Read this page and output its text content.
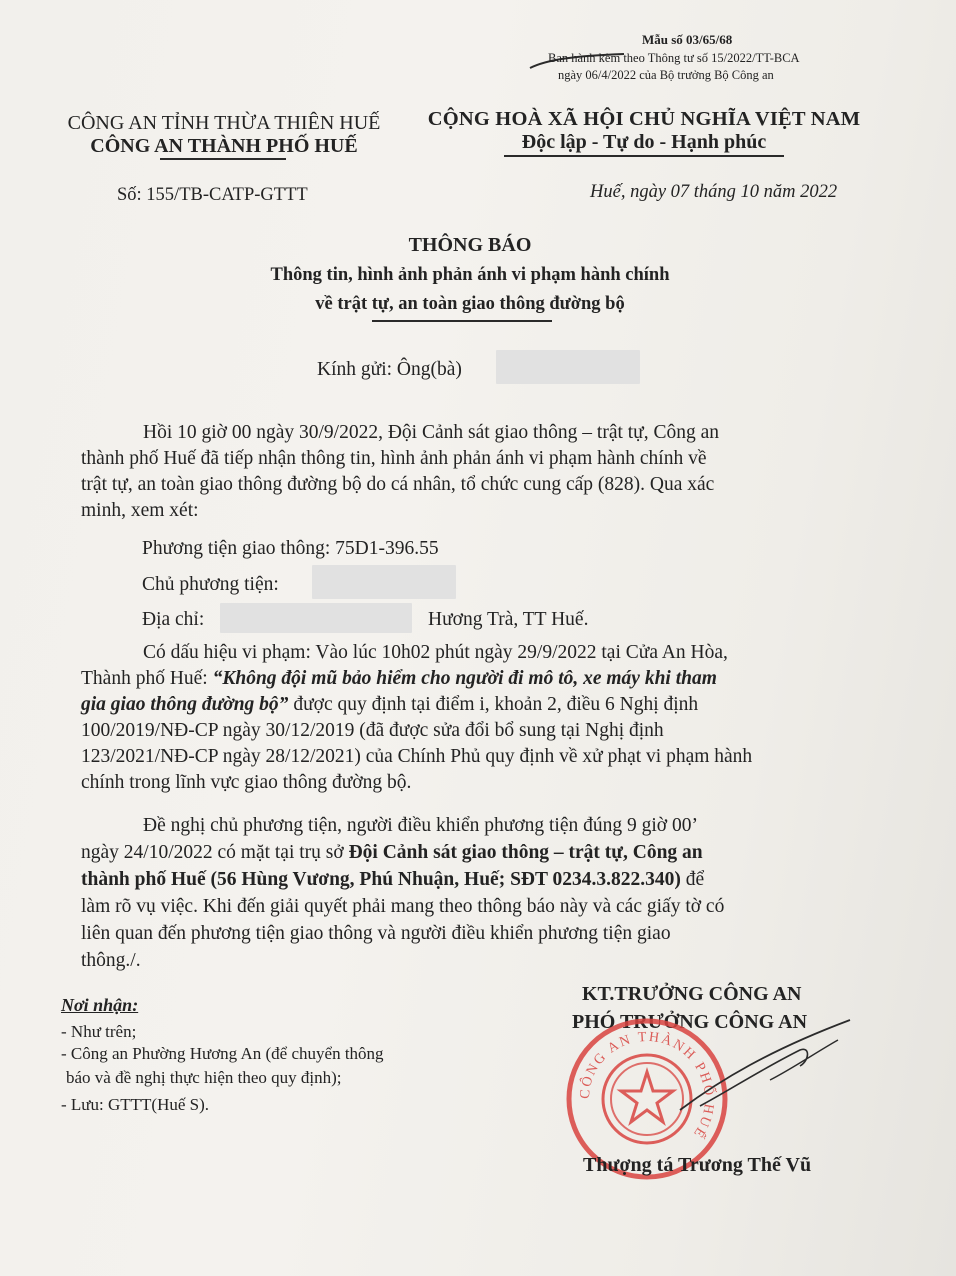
Mẫu số 03/65/68
Ban hành kèm theo Thông tư số 15/2022/TT-BCA
ngày 06/4/2022 của Bộ trưởng Bộ Công an
CÔNG AN TỈNH THỪA THIÊN HUẾ
CÔNG AN THÀNH PHỐ HUẾ
CỘNG HOÀ XÃ HỘI CHỦ NGHĨA VIỆT NAM
Độc lập - Tự do - Hạnh phúc
Số: 155/TB-CATP-GTTT	Huế, ngày 07 tháng 10 năm 2022
THÔNG BÁO
Thông tin, hình ảnh phản ánh vi phạm hành chính
về trật tự, an toàn giao thông đường bộ
Kính gửi: Ông(bà)
Hồi 10 giờ 00 ngày 30/9/2022, Đội Cảnh sát giao thông – trật tự, Công an
thành phố Huế đã tiếp nhận thông tin, hình ảnh phản ánh vi phạm hành chính về
trật tự, an toàn giao thông đường bộ do cá nhân, tổ chức cung cấp (828). Qua xác
minh, xem xét:
Phương tiện giao thông: 75D1-396.55
Chủ phương tiện:
Địa chỉ:	Hương Trà, TT Huế.
Có dấu hiệu vi phạm: Vào lúc 10h02 phút ngày 29/9/2022 tại Cửa An Hòa,
Thành phố Huế: “Không đội mũ bảo hiểm cho người đi mô tô, xe máy khi tham
gia giao thông đường bộ” được quy định tại điểm i, khoản 2, điều 6 Nghị định
100/2019/NĐ-CP ngày 30/12/2019 (đã được sửa đổi bổ sung tại Nghị định
123/2021/NĐ-CP ngày 28/12/2021) của Chính Phủ quy định về xử phạt vi phạm hành
chính trong lĩnh vực giao thông đường bộ.
Đề nghị chủ phương tiện, người điều khiển phương tiện đúng 9 giờ 00’
ngày 24/10/2022 có mặt tại trụ sở Đội Cảnh sát giao thông – trật tự, Công an
thành phố Huế (56 Hùng Vương, Phú Nhuận, Huế; SĐT 0234.3.822.340) để
làm rõ vụ việc. Khi đến giải quyết phải mang theo thông báo này và các giấy tờ có
liên quan đến phương tiện giao thông và người điều khiển phương tiện giao
thông./.
Nơi nhận:
- Như trên;
- Công an Phường Hương An (để chuyển thông
báo và đề nghị thực hiện theo quy định);
- Lưu: GTTT(Huế S).
KT.TRƯỞNG CÔNG AN
PHÓ TRƯỞNG CÔNG AN
CÔNG AN THÀNH PHỐ HUẾ
Thượng tá Trương Thế Vũ
